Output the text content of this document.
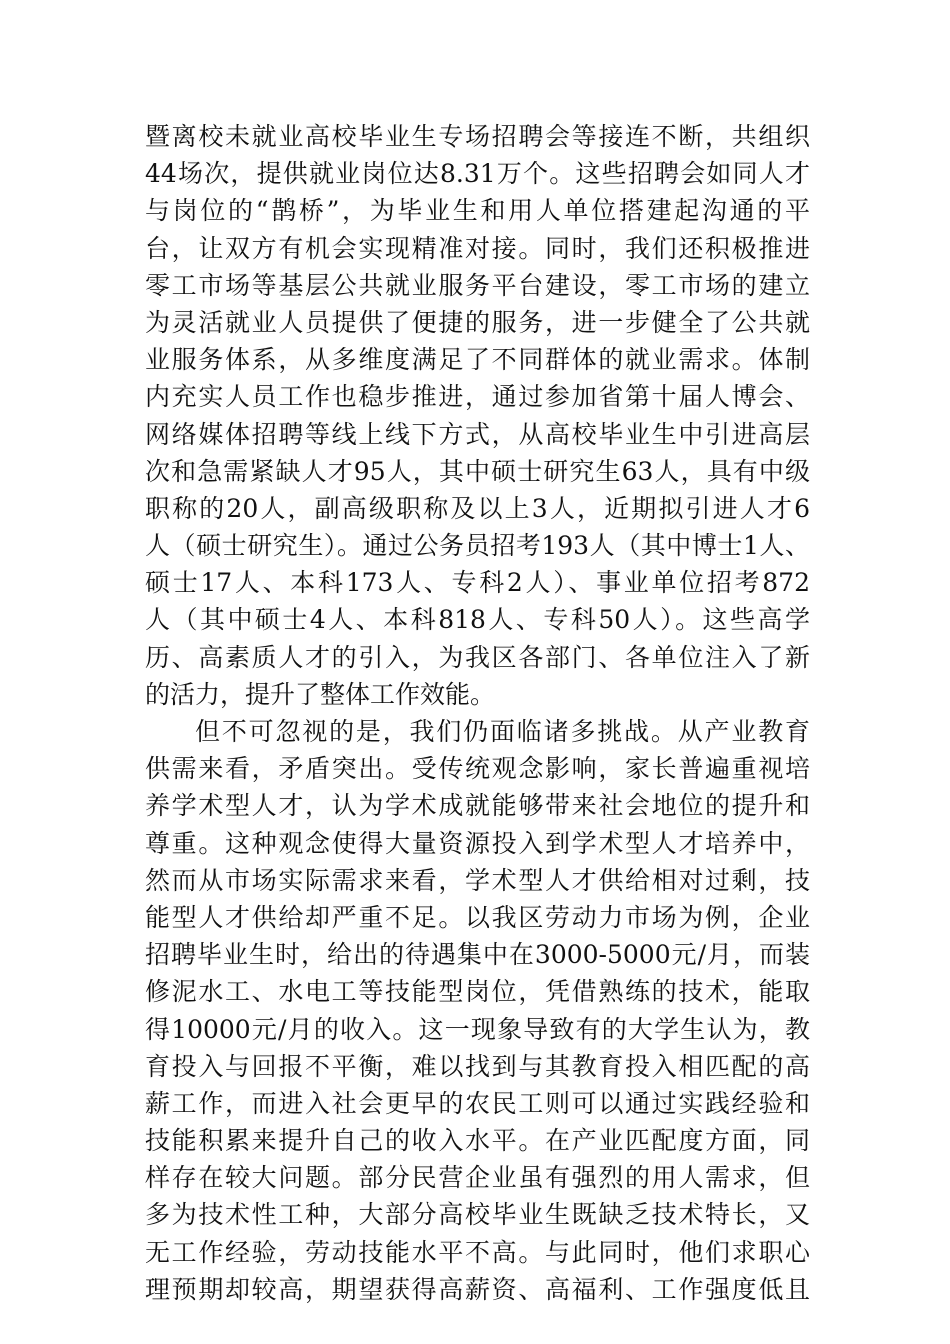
暨离校未就业高校毕业生专场招聘会等接连不断，共组织
44场次，提供就业岗位达8.31万个。这些招聘会如同人才
与岗位的“鹊桥”，为毕业生和用人单位搭建起沟通的平
台，让双方有机会实现精准对接。同时，我们还积极推进
零工市场等基层公共就业服务平台建设，零工市场的建立
为灵活就业人员提供了便捷的服务，进一步健全了公共就
业服务体系，从多维度满足了不同群体的就业需求。体制
内充实人员工作也稳步推进，通过参加省第十届人博会、
网络媒体招聘等线上线下方式，从高校毕业生中引进高层
次和急需紧缺人才95人，其中硕士研究生63人，具有中级
职称的20人，副高级职称及以上3人，近期拟引进人才6
人（硕士研究生）。通过公务员招考193人（其中博士1人、
硕士17人、本科173人、专科2人）、事业单位招考872
人（其中硕士4人、本科818人、专科50人）。这些高学
历、高素质人才的引入，为我区各部门、各单位注入了新
的活力，提升了整体工作效能。
但不可忽视的是，我们仍面临诸多挑战。从产业教育
供需来看，矛盾突出。受传统观念影响，家长普遍重视培
养学术型人才，认为学术成就能够带来社会地位的提升和
尊重。这种观念使得大量资源投入到学术型人才培养中，
然而从市场实际需求来看，学术型人才供给相对过剩，技
能型人才供给却严重不足。以我区劳动力市场为例，企业
招聘毕业生时，给出的待遇集中在3000-5000元/月，而装
修泥水工、水电工等技能型岗位，凭借熟练的技术，能取
得10000元/月的收入。这一现象导致有的大学生认为，教
育投入与回报不平衡，难以找到与其教育投入相匹配的高
薪工作，而进入社会更早的农民工则可以通过实践经验和
技能积累来提升自己的收入水平。在产业匹配度方面，同
样存在较大问题。部分民营企业虽有强烈的用人需求，但
多为技术性工种，大部分高校毕业生既缺乏技术特长，又
无工作经验，劳动技能水平不高。与此同时，他们求职心
理预期却较高，期望获得高薪资、高福利、工作强度低且
